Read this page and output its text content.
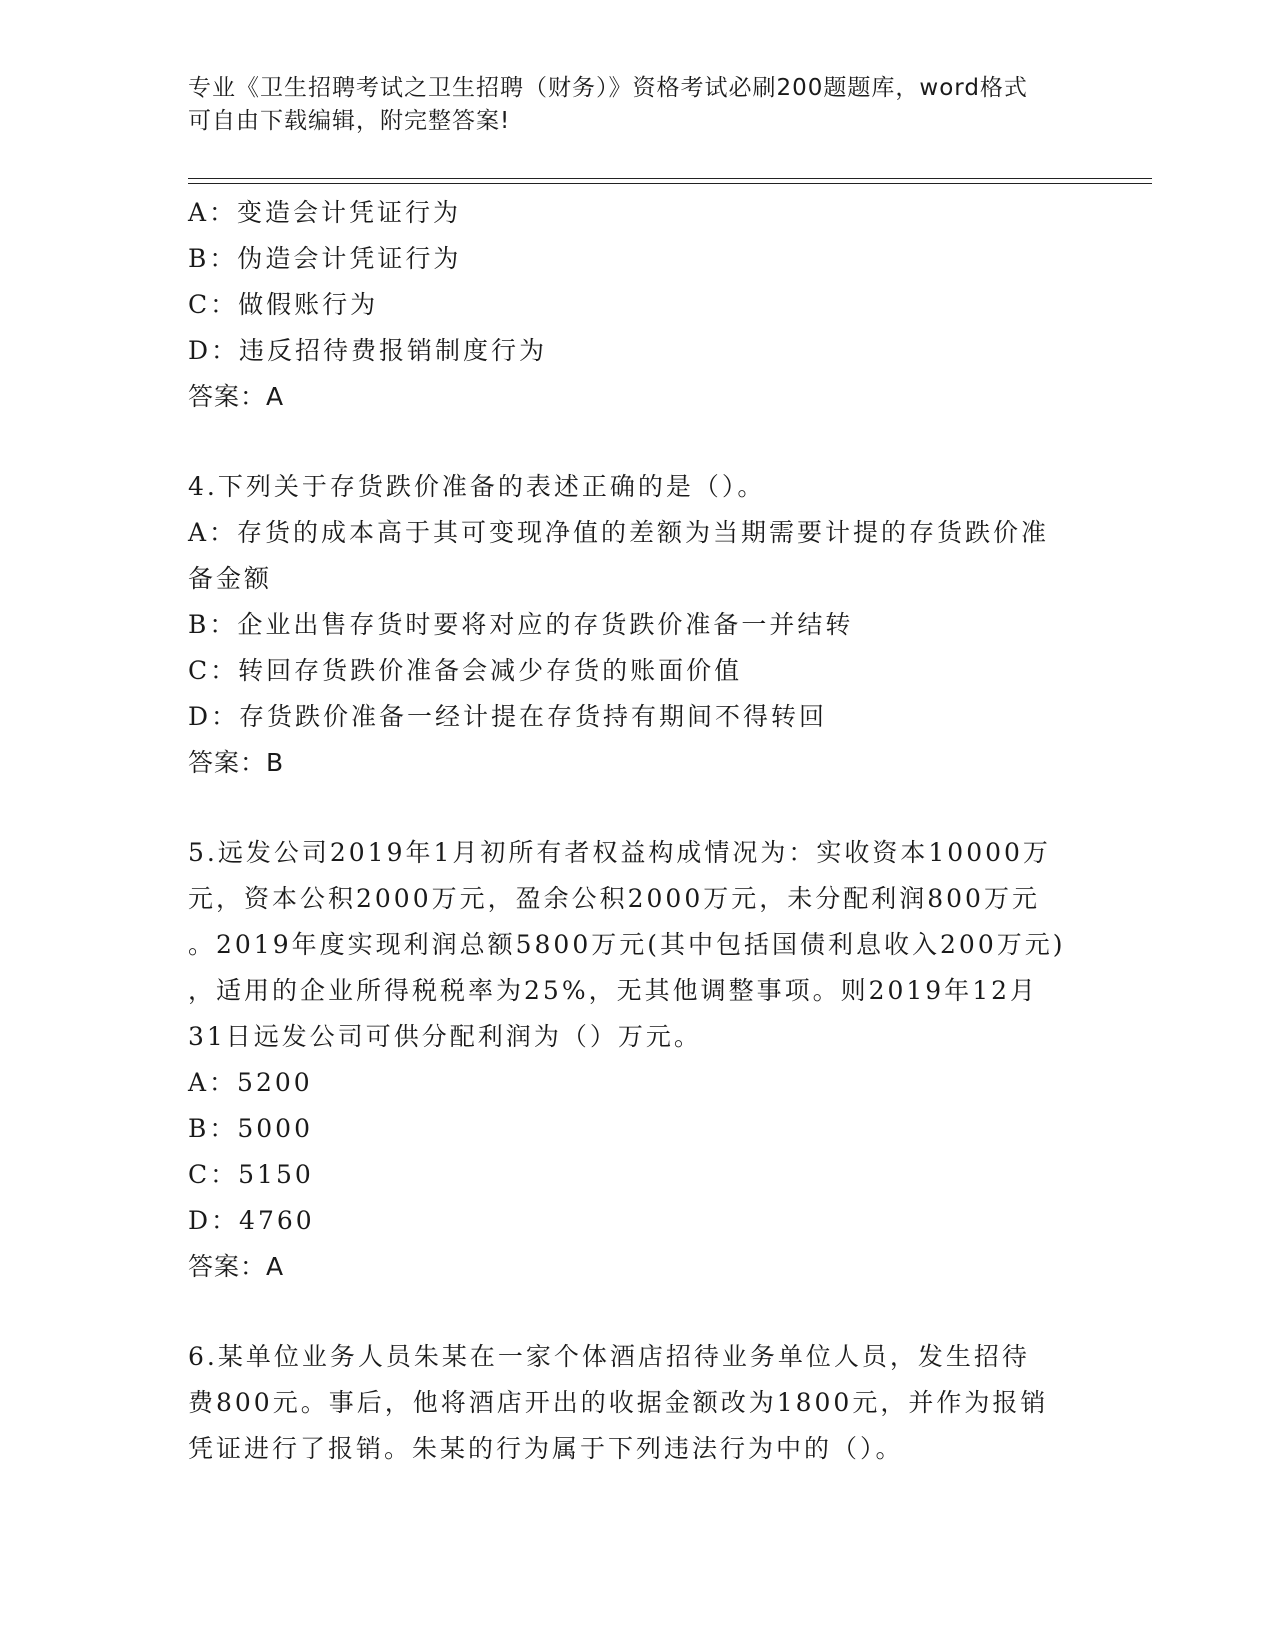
专业《卫生招聘考试之卫生招聘（财务）》资格考试必刷200题题库，word格式
可自由下载编辑，附完整答案!
A：变造会计凭证行为
B：伪造会计凭证行为
C：做假账行为
D：违反招待费报销制度行为
答案：A
4.下列关于存货跌价准备的表述正确的是（）。
A：存货的成本高于其可变现净值的差额为当期需要计提的存货跌价准
备金额
B：企业出售存货时要将对应的存货跌价准备一并结转
C：转回存货跌价准备会减少存货的账面价值
D：存货跌价准备一经计提在存货持有期间不得转回
答案：B
5.远发公司2019年1月初所有者权益构成情况为：实收资本10000万
元，资本公积2000万元，盈余公积2000万元，未分配利润800万元
。2019年度实现利润总额5800万元(其中包括国债利息收入200万元)
，适用的企业所得税税率为25%，无其他调整事项。则2019年12月
31日远发公司可供分配利润为（）万元。
A：5200
B：5000
C：5150
D：4760
答案：A
6.某单位业务人员朱某在一家个体酒店招待业务单位人员，发生招待
费800元。事后，他将酒店开出的收据金额改为1800元，并作为报销
凭证进行了报销。朱某的行为属于下列违法行为中的（）。
